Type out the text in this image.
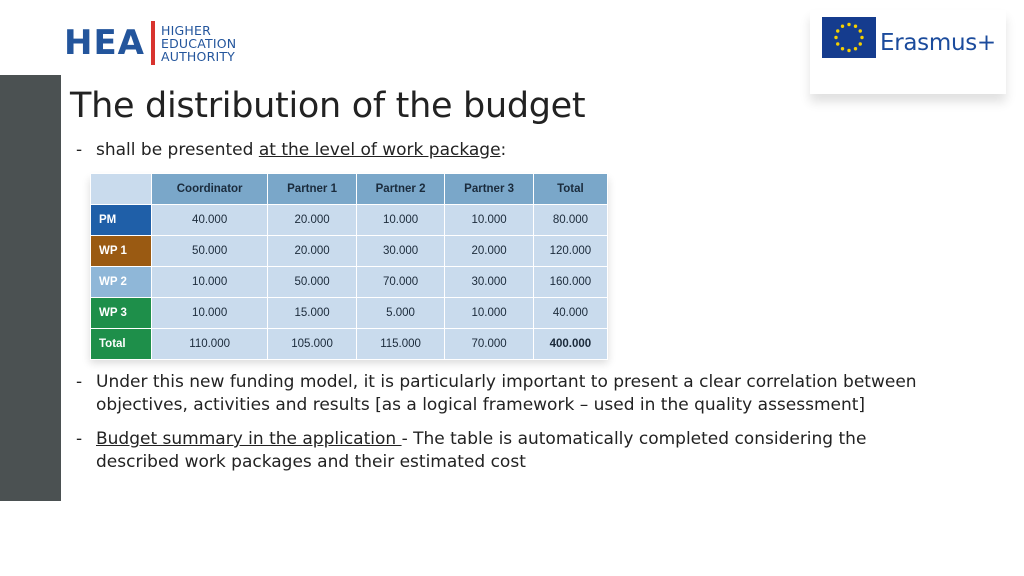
HEA HIGHER
EDUCATION
AUTHORITY	Erasmus+
The distribution of the budget
- shall be presented at the level of work package:
	Coordinator	Partner 1	Partner 2	Partner 3	Total
PM	40.000	20.000	10.000	10.000	80.000
WP 1	50.000	20.000	30.000	20.000	120.000
WP 2	10.000	50.000	70.000	30.000	160.000
WP 3	10.000	15.000	5.000	10.000	40.000
Total	110.000	105.000	115.000	70.000	400.000
- Under this new funding model, it is particularly important to present a clear correlation between
objectives, activities and results [as a logical framework – used in the quality assessment]
- Budget summary in the application - The table is automatically completed considering the
described work packages and their estimated cost
